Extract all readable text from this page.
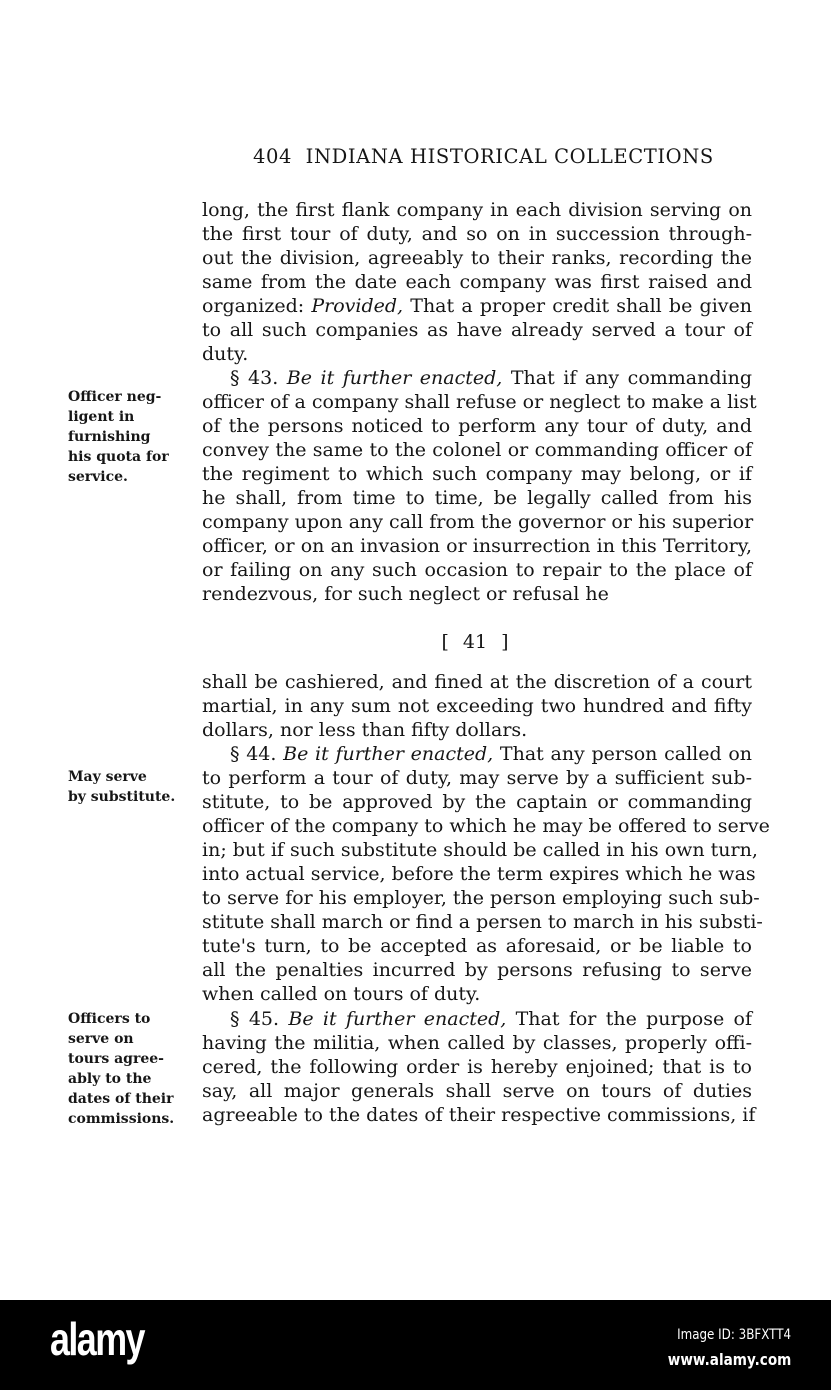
404 INDIANA HISTORICAL COLLECTIONS
long, the first flank company in each division serving on
the first tour of duty, and so on in succession through-
out the division, agreeably to their ranks, recording the
same from the date each company was first raised and
organized: Provided, That a proper credit shall be given
to all such companies as have already served a tour of
duty.
§ 43. Be it further enacted, That if any commanding
officer of a company shall refuse or neglect to make a list
of the persons noticed to perform any tour of duty, and
convey the same to the colonel or commanding officer of
the regiment to which such company may belong, or if
he shall, from time to time, be legally called from his
company upon any call from the governor or his superior
officer, or on an invasion or insurrection in this Territory,
or failing on any such occasion to repair to the place of
rendezvous, for such neglect or refusal he
shall be cashiered, and fined at the discretion of a court
martial, in any sum not exceeding two hundred and fifty
dollars, nor less than fifty dollars.
§ 44. Be it further enacted, That any person called on
to perform a tour of duty, may serve by a sufficient sub-
stitute, to be approved by the captain or commanding
officer of the company to which he may be offered to serve
in; but if such substitute should be called in his own turn,
into actual service, before the term expires which he was
to serve for his employer, the person employing such sub-
stitute shall march or find a persen to march in his substi-
tute's turn, to be accepted as aforesaid, or be liable to
all the penalties incurred by persons refusing to serve
when called on tours of duty.
§ 45. Be it further enacted, That for the purpose of
having the militia, when called by classes, properly offi-
cered, the following order is hereby enjoined; that is to
say, all major generals shall serve on tours of duties
agreeable to the dates of their respective commissions, if
[ 41 ]
Officer neg-
ligent in
furnishing
his quota for
service.
May serve
by substitute.
Officers to
serve on
tours agree-
ably to the
dates of their
commissions.
alamy	Image ID: 3BFXTT4
www.alamy.com
